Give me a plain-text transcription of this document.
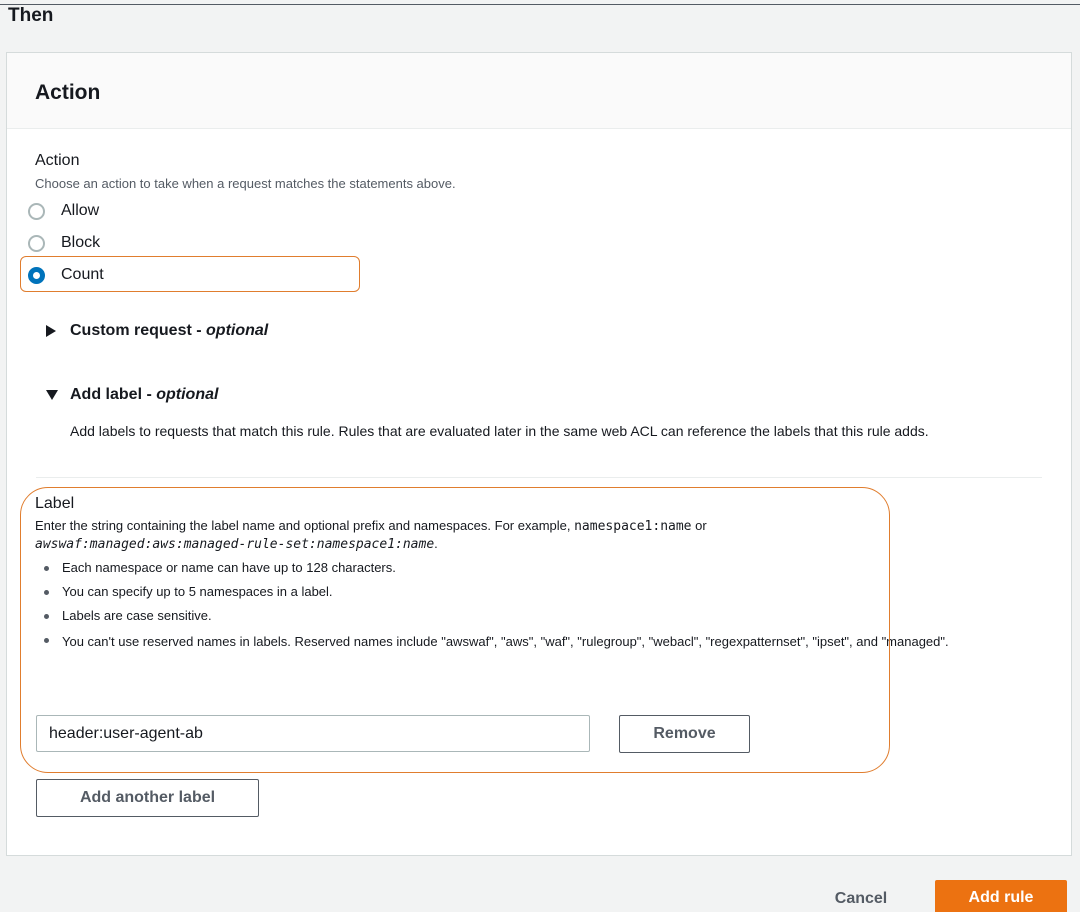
Then
Action
Action
Choose an action to take when a request matches the statements above.
Allow
Block
Count
Custom request - optional
Add label - optional
Add labels to requests that match this rule. Rules that are evaluated later in the same web ACL can reference the labels that this rule adds.
Label
Enter the string containing the label name and optional prefix and namespaces. For example, namespace1:name or
awswaf:managed:aws:managed-rule-set:namespace1:name.
Each namespace or name can have up to 128 characters.
You can specify up to 5 namespaces in a label.
Labels are case sensitive.
You can't use reserved names in labels. Reserved names include "awswaf", "aws", "waf", "rulegroup", "webacl", "regexpatternset", "ipset", and "managed".
header:user-agent-ab
Remove
Add another label
Cancel	Add rule
